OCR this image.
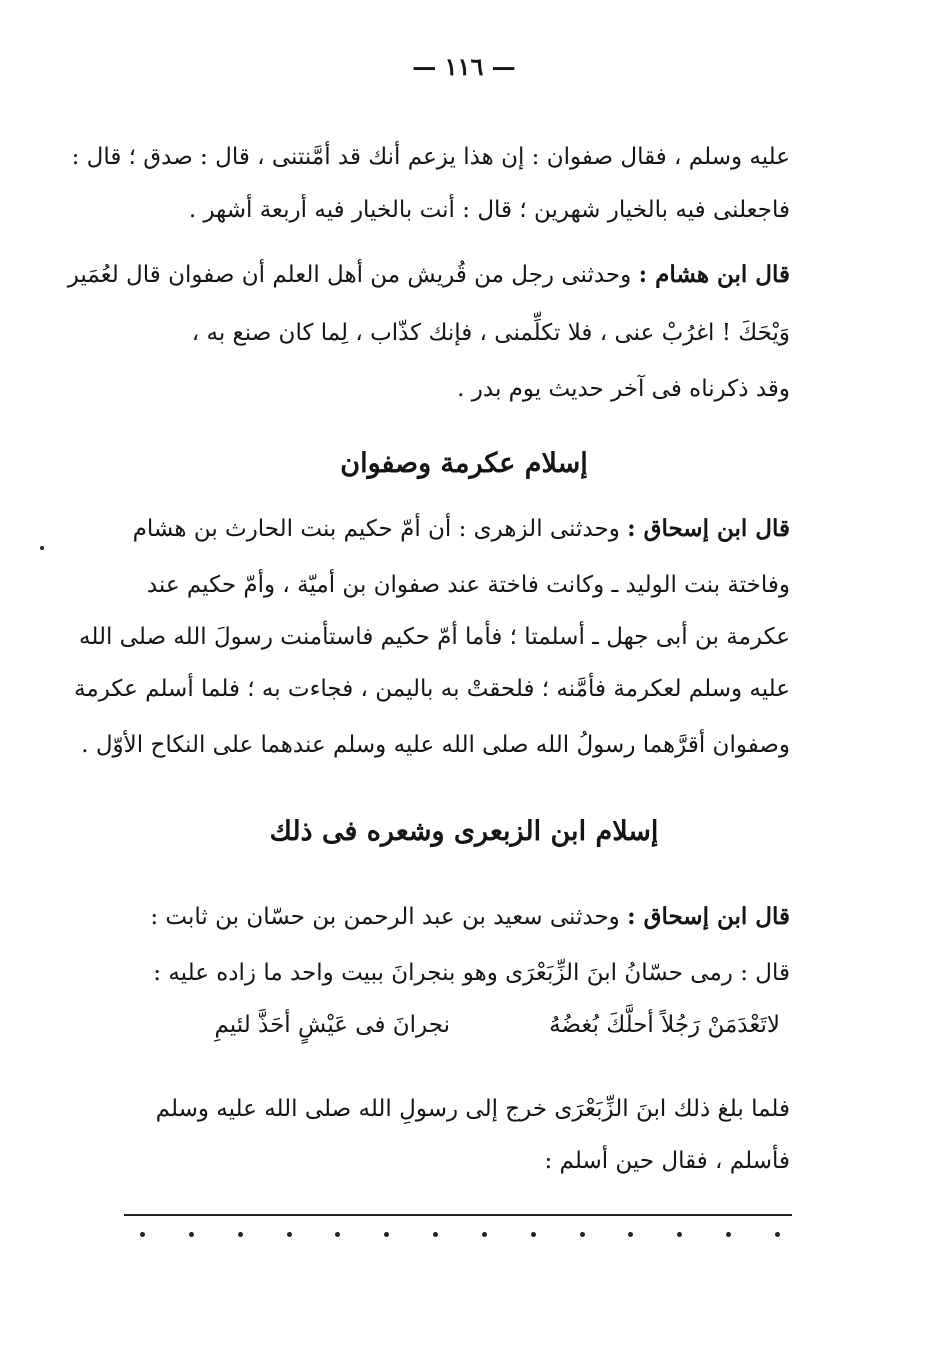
— ١١٦ —
عليه وسلم ، فقال صفوان : إن هذا يزعم أنك قد أمَّنتنى ، قال : صدق ؛ قال :
فاجعلنى فيه بالخيار شهرين ؛ قال : أنت بالخيار فيه أربعة أشهر .
قال ابن هشام : وحدثنى رجل من قُريش من أهل العلم أن صفوان قال لعُمَير
وَيْحَكَ ! اغرُبْ عنى ، فلا تكلِّمنى ، فإنك كذّاب ، لِما كان صنع به ،
وقد ذكرناه فى آخر حديث يوم بدر .
إسلام عكرمة وصفوان
قال ابن إسحاق : وحدثنى الزهرى : أن أمّ حكيم بنت الحارث بن هشام
وفاختة بنت الوليد ـ وكانت فاختة عند صفوان بن أميّة ، وأمّ حكيم عند
عكرمة بن أبى جهل ـ أسلمتا ؛ فأما أمّ حكيم فاستأمنت رسولَ الله صلى الله
عليه وسلم لعكرمة فأمَّنه ؛ فلحقتْ به باليمن ، فجاءت به ؛ فلما أسلم عكرمة
وصفوان أقرَّهما رسولُ الله صلى الله عليه وسلم عندهما على النكاح الأوّل .
إسلام ابن الزبعرى وشعره فى ذلك
قال ابن إسحاق : وحدثنى سعيد بن عبد الرحمن بن حسّان بن ثابت :
قال : رمى حسّانُ ابنَ الزِّبَعْرَى وهو بنجرانَ ببيت واحد ما زاده عليه :
لاتَعْدَمَنْ رَجُلاً أحلَّكَ بُغضُهُ
نجرانَ فى عَيْشٍ أحَذَّ لئيمِ
فلما بلغ ذلك ابنَ الزِّبَعْرَى خرج إلى رسولِ الله صلى الله عليه وسلم
فأسلم ، فقال حين أسلم :
